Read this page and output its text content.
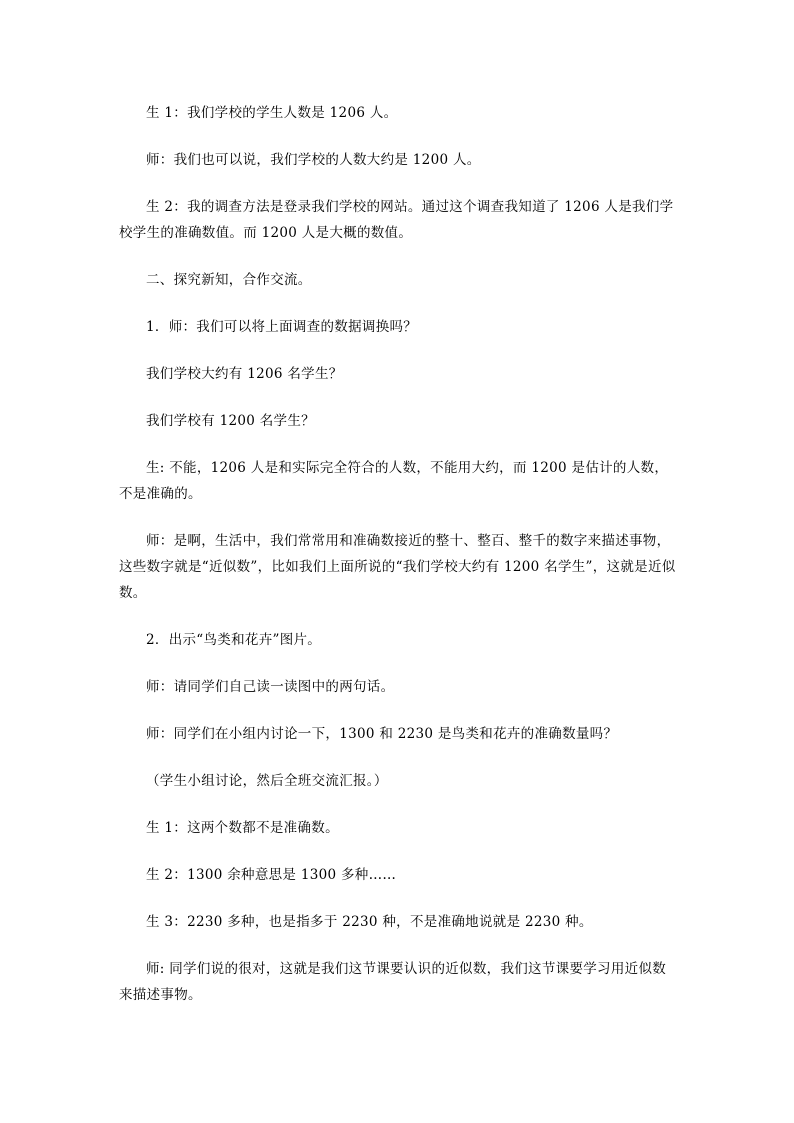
生 1：我们学校的学生人数是 1206 人。

师：我们也可以说，我们学校的人数大约是 1200 人。

生 2：我的调查方法是登录我们学校的网站。通过这个调查我知道了 1206 人是我们学校学生的准确数值。而 1200 人是大概的数值。

二、探究新知，合作交流。

1．师：我们可以将上面调查的数据调换吗？

我们学校大约有 1206 名学生？

我们学校有 1200 名学生？

生: 不能，1206 人是和实际完全符合的人数，不能用大约，而 1200 是估计的人数，不是准确的。

师：是啊，生活中，我们常常用和准确数接近的整十、整百、整千的数字来描述事物，这些数字就是“近似数”，比如我们上面所说的“我们学校大约有 1200 名学生”，这就是近似数。

2．出示“鸟类和花卉”图片。

师：请同学们自己读一读图中的两句话。

师：同学们在小组内讨论一下，1300 和 2230 是鸟类和花卉的准确数量吗？

（学生小组讨论，然后全班交流汇报。）

生 1：这两个数都不是准确数。

生 2：1300 余种意思是 1300 多种……

生 3：2230 多种，也是指多于 2230 种，不是准确地说就是 2230 种。

师: 同学们说的很对，这就是我们这节课要认识的近似数，我们这节课要学习用近似数来描述事物。
